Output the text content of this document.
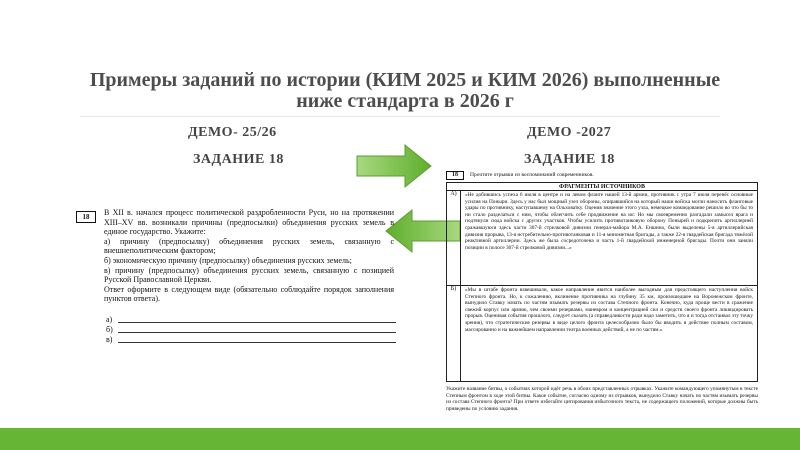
Примеры заданий по истории (КИМ 2025 и КИМ 2026) выполненные
ниже стандарта в 2026 г
ДЕМО- 25/26
ЗАДАНИЕ 18
ДЕМО -2027
ЗАДАНИЕ 18
18	В XII в. начался процесс политической раздробленности Руси, но на протяжении XIII–XV вв. возникали причины (предпосылки) объединения русских земель в единое государство. Укажите:

а) причину (предпосылку) объединения русских земель, связанную с внешнеполитическим фактором;

б) экономическую причину (предпосылку) объединения русских земель;

в) причину (предпосылку) объединения русских земель, связанную с позицией Русской Православной Церкви.

Ответ оформите в следующем виде (обязательно соблюдайте порядок заполнения пунктов ответа).

а)
б)
в)
18	Прочтите отрывки из воспоминаний современников.
ФРАГМЕНТЫ ИСТОЧНИКОВ
А)	«Не добившись успеха 6 июля в центре и на левом фланге нашей 13-й армии, противник с утра 7 июля перенёс основные усилия на Поныри. Здесь у нас был мощный узел обороны, опиравшийся на который наши войска могли наносить фланговые удары по противнику, наступавшему на Ольховатку. Оценив значение этого узла, немецкое командование решило во что бы то ни стало разделаться с ним, чтобы облегчить себе продвижение на юг. Но мы своевременно разгадали замысел врага и подтянули сюда войска с других участков. Чтобы усилить противотанковую оборону Понырей и подкрепить артиллерией сражавшуюся здесь части 307-й стрелковой дивизии генерал-майора М.А. Еншина, были выделены 5-я артиллерийская дивизия прорыва, 13-я истребительно-противотанковая и 11-я минометная бригады, а также 22-я гвардейская бригада тяжёлой реактивной артиллерии. Здесь же была сосредоточена и часть 1-й гвардейской инженерной бригады. Почти они заняли позиции в полосе 307-й стрелковой дивизии...»
Б)	«Мы в штабе фронта взвешивали, какое направление явится наиболее выгодным для предстоящего наступления войск Степного фронта. Но, к сожалению, вклинение противника на глубину 35 км, произошедшее на Воронежском фронте, вынудило Ставку начать по частям изымать резервы из состава Степного фронта. Конечно, куда проще вести в сражение свежий корпус или армию, чем своими резервами, маневром и концентрацией сил и средств своего фронта ликвидировать прорыв. Оценивая события прошлого, следует сказать (а справедливости ради надо заметить, что я и тогда отстаивал эту точку зрения), что стратегические резервы в виде целого фронта целесообразно было бы вводить в действие полным составом, массированно и на важнейшем направлении театра военных действий, а не по частям.»
Укажите название битвы, о событиях которой идёт речь в обоих представленных отрывках. Укажите командующего упомянутым в тексте Степным фронтом в ходе этой битвы. Какое событие, согласно одному из отрывков, вынудило Ставку начать по частям изымать резервы из состава Степного фронта? При ответе избегайте цитирования избыточного текста, не содержащего положений, которые должны быть приведены по условию задания.
